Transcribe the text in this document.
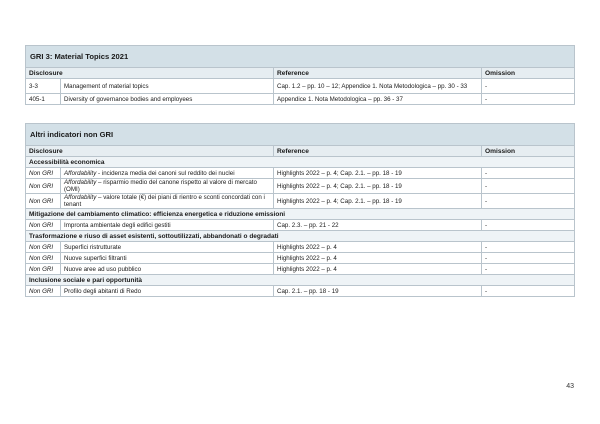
GRI 3: Material Topics 2021			
Disclosure		Reference	Omission
3-3	Management of material topics	Cap. 1.2 – pp. 10 – 12; Appendice 1. Nota Metodologica – pp. 30 - 33	-
405-1	Diversity of governance bodies and employees	Appendice 1. Nota Metodologica – pp. 36 - 37	-
Altri indicatori non GRI			
Disclosure		Reference	Omission
Accessibilità economica			
Non GRI	Affordability - incidenza media dei canoni sul reddito dei nuclei	Highlights 2022 – p. 4; Cap. 2.1. – pp. 18 - 19	-
Non GRI	Affordability – risparmio medio del canone rispetto al valore di mercato (OMI)	Highlights 2022 – p. 4; Cap. 2.1. – pp. 18 - 19	-
Non GRI	Affordability – valore totale (€) dei piani di rientro e sconti concordati con i tenant	Highlights 2022 – p. 4; Cap. 2.1. – pp. 18 - 19	-
Mitigazione del cambiamento climatico: efficienza energetica e riduzione emissioni			
Non GRI	Impronta ambientale degli edifici gestiti	Cap. 2.3. – pp. 21 - 22	-
Trasformazione e riuso di asset esistenti, sottoutilizzati, abbandonati o degradati			
Non GRI	Superfici ristrutturate	Highlights 2022 – p. 4	-
Non GRI	Nuove superfici filtranti	Highlights 2022 – p. 4	-
Non GRI	Nuove aree ad uso pubblico	Highlights 2022 – p. 4	-
Inclusione sociale e pari opportunità			
Non GRI	Profilo degli abitanti di Redo	Cap. 2.1. – pp. 18 - 19	-
43
